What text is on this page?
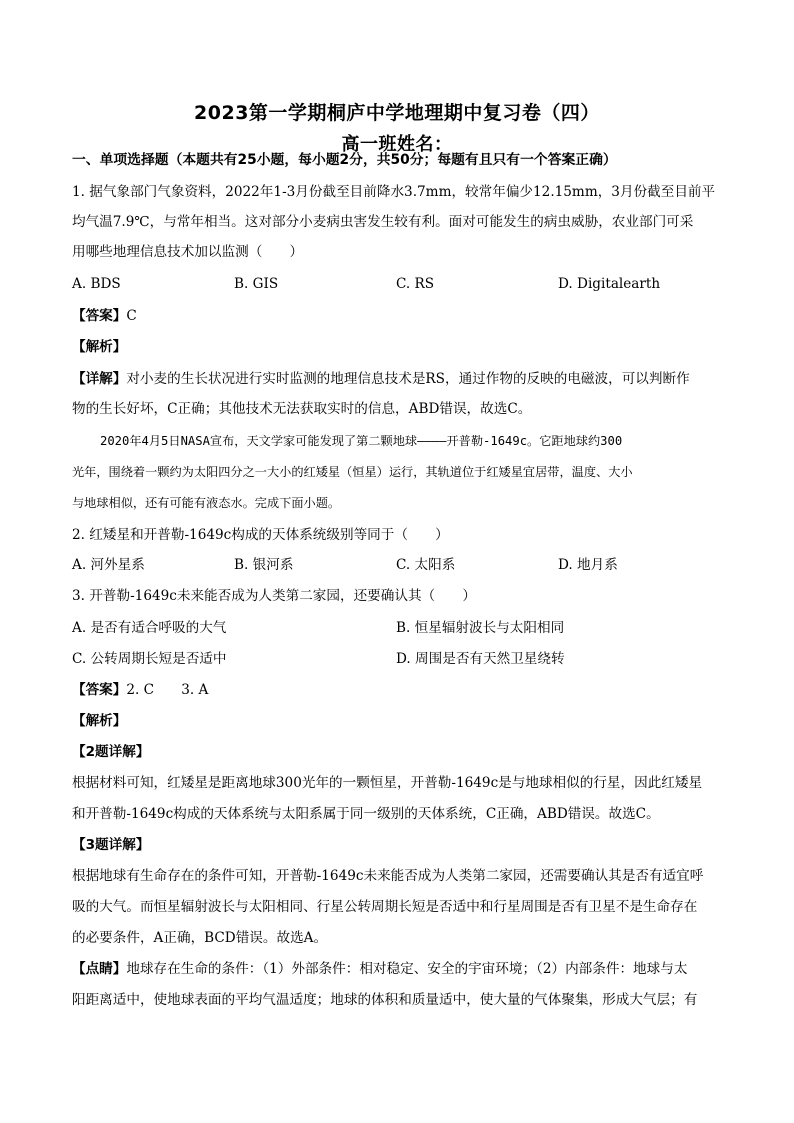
2023第一学期桐庐中学地理期中复习卷（四）
高一班姓名：
一、单项选择题（本题共有25小题，每小题2分，共50分；每题有且只有一个答案正确）
1. 据气象部门气象资料，2022年1-3月份截至目前降水3.7mm，较常年偏少12.15mm，3月份截至目前平
均气温7.9℃，与常年相当。这对部分小麦病虫害发生较有利。面对可能发生的病虫威胁，农业部门可采
用哪些地理信息技术加以监测（　　）
A. BDS	B. GIS	C. RS	D. Digitalearth
【答案】C
【解析】
【详解】对小麦的生长状况进行实时监测的地理信息技术是RS，通过作物的反映的电磁波，可以判断作
物的生长好坏，C正确；其他技术无法获取实时的信息，ABD错误，故选C。
2020年4月5日NASA宣布，天文学家可能发现了第二颗地球————开普勒-1649c。它距地球约300
光年，围绕着一颗约为太阳四分之一大小的红矮星（恒星）运行，其轨道位于红矮星宜居带，温度、大小
与地球相似，还有可能有液态水。完成下面小题。
2. 红矮星和开普勒-1649c构成的天体系统级别等同于（　　）
A. 河外星系	B. 银河系	C. 太阳系	D. 地月系
3. 开普勒-1649c未来能否成为人类第二家园，还要确认其（　　）
A. 是否有适合呼吸的大气	B. 恒星辐射波长与太阳相同
C. 公转周期长短是否适中	D. 周围是否有天然卫星绕转
【答案】2. C　　3. A
【解析】
【2题详解】
根据材料可知，红矮星是距离地球300光年的一颗恒星，开普勒-1649c是与地球相似的行星，因此红矮星
和开普勒-1649c构成的天体系统与太阳系属于同一级别的天体系统，C正确，ABD错误。故选C。
【3题详解】
根据地球有生命存在的条件可知，开普勒-1649c未来能否成为人类第二家园，还需要确认其是否有适宜呼
吸的大气。而恒星辐射波长与太阳相同、行星公转周期长短是否适中和行星周围是否有卫星不是生命存在
的必要条件，A正确，BCD错误。故选A。
【点睛】地球存在生命的条件：（1）外部条件：相对稳定、安全的宇宙环境；（2）内部条件：地球与太
阳距离适中，使地球表面的平均气温适度；地球的体积和质量适中，使大量的气体聚集，形成大气层；有
